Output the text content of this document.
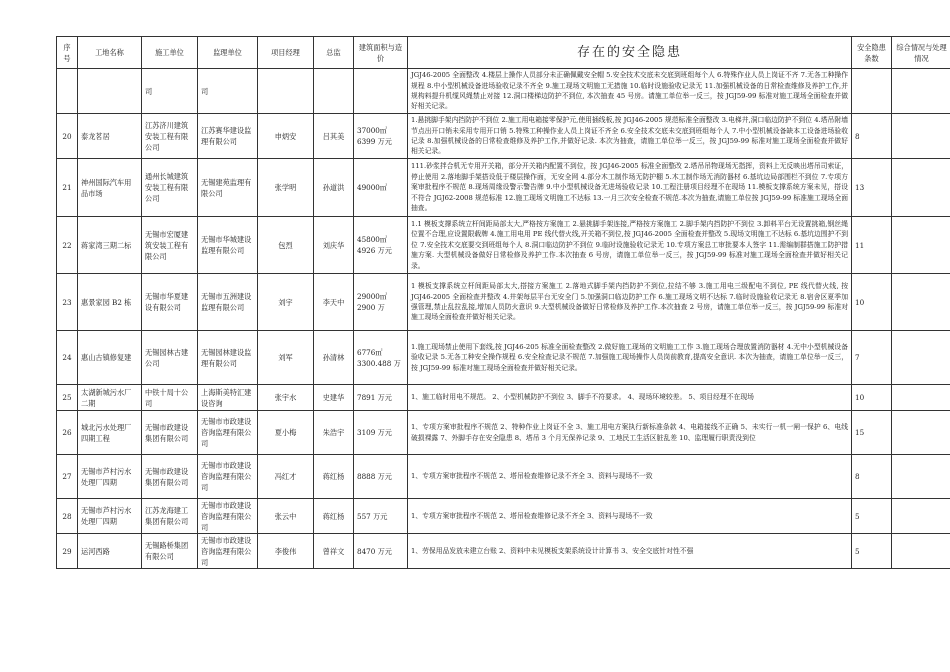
序号	工地名称	施工单位	监理单位	项目经理	总监	建筑面积与造价	存在的安全隐患	安全隐患条数	综合情况与处理情况
		司	司				JGJ46-2005 全面整改 4.楼层上操作人员部分未正确佩戴安全帽 5.安全技术交底未交底到班组每个人 6.特殊作业人员上岗证不齐 7.无各工种操作规程 8.中小型机械设备进场验收记录不齐全 9.施工现场文明施工无措施 10.临时设施验收记录无 11.加强机械设备的日常检查维修及养护工作,并规构料提升机缆风绳禁止对接 12.洞口楼梯边防护不到位, 本次抽查 45 号房。请施工单位举一反三，按 JGJ59-99 标准对施工现场全面检查并做好相关记录。		
20	泰龙茗居	江苏济川建筑安装工程有限公司	江苏赛华建设监理有限公司	申炳安	吕其美	37000㎡ 6399 万元	1.悬挑脚手架内挡防护不到位 2.施工用电箱接零保护元,使用插线板,按 JGJ46-2005 规范标准全面整改 3.电梯井,洞口临边防护不到位 4.塔吊附墙节点出开口销未采用专用开口销 5.特殊工种操作业人员上岗证不齐全 6.安全技术交底未交底到班组每个人 7.中小型机械设备缺本工设备进场验收记录 8.加强机械设备的日常检查维修及养护工作,并做好记录. 本次为抽查，请施工单位举一反三，按 JGJ59-99 标准对施工现场全面检查并做好相关记录。	8	
21	神州国际汽车用品市场	通州长城建筑安装工程有限公司	无锡建苑监理有限公司	张学明	孙道洪	49000㎡	111.砂浆拌合机无专用开关箱，部分开关箱内配置不到位，按 JGJ46-2005 标准全面整改 2.塔吊吊物现场无指挥，资料上无反映出塔吊司索证，停止使用 2.落地脚手架搭设低于楼层操作面，无安全网 4.部分木工制作场无防护棚 5.木工制作场无消防器材 6.基坑边局部围栏不到位 7.专项方案审批程序不规范 8.现场周缘设警示警告牌 9.中小型机械设备无进场验收记录 10.工程注册项目经理不在现场 11.模板支撑系统方案未见，搭设不符合 JGJ62-2008 规范标准 12.施工现场文明施工不达标 13.一月三次安全检查不规范.本次为抽查,请施工单位按 JGJ59-99 标准施工现场全面抽查。	13	
22	蒋家湾三期二标	无锡市宏厦建筑安装工程有限公司	无锡市华城建设监理有限公司	包烈	刘庆华	45800㎡ 4926 万元	1.1 模板支撑系统立杆间距局部太大,严格按方案施工 2.悬挑脚手架连接,严格按方案施工 2.脚手架内挡防护不到位 3.卸料平台无设置挑箱,钢丝绳位置不合理,应设置限载牌 4.施工用电用 PE 线代替火线,开关箱不到位,按 JGJ46-2005 全面检查并整改 5.现场文明施工不达标 6.基坑边围护不到位 7.安全技术交底要交到班组每个人 8.洞口临边防护不到位 9.临时设施验收记录无 10.专项方案总工审批要本人签字 11.需编制群搭施工防护措施方案. 大型机械设备做好日常检修及养护工作.本次抽查 6 号房，请施工单位举一反三，按 JGJ59-99 标准对施工现场全面检查并做好相关记录。	11	
23	惠景家园 B2 栋	无锡市华夏建设有限公司	无锡市五洲建设监理有限公司	刘宇	李天中	29000㎡ 2900 万	1 模板支撑系统立杆间距局部太大,搭接方案施工 2.落地式脚手架内挡防护不到位,拉结不够 3.施工用电三级配电不到位, PE 线代替火线, 按 JGJ46-2005 全面检查并整改 4.井架每层平台无安全门 5.加强洞口临边防护工作 6.施工现场文明不达标 7.临时设施验收记录无 8.宿舍区夏季加强管理,禁止乱拉乱接,增加人员防火意识 9.大型机械设备做好日常检修及养护工作.本次抽查 2 号房，请施工单位举一反三，按 JGJ59-99 标准对施工现场全面检查并做好相关记录。	10	
24	惠山古镇修复建	无锡园林古建公司	无锡园林建设监理有限公司	刘军	孙清林	6776㎡ 3300.488 万	1.施工现场禁止使用下套线,按 JGJ46-205 标准全面检查整改 2.做好施工现场的文明施工工作 3.施工现场合理放置消防器材 4.无中小型机械设备验收记录 5.无各工种安全操作规程 6.安全检查记录不规范 7.加强施工现场操作人员岗前教育,提高安全意识. 本次为抽查，请施工单位举一反三，按 JGJ59-99 标准对施工现场全面检查并做好相关记录。	7	
25	太湖新城污水厂二期	中铁十局十公司	上海斯美特汇建设咨询	张宇水	史建华	7891 万元	1、施工临时用电不规范。 2、小型机械防护不到位 3、脚手不符要求。 4、现场环境较差。 5、项目经理不在现场	10	
26	城北污水处理厂四期工程	无锡市政建设集团有限公司	无锡市市政建设咨询监理有限公司	夏小梅	朱浩宇	3109 万元	1、专项方案审批程序不规范 2、特种作业上岗证不全 3、施工用电方案执行新标准条款 4、电箱接线不正确 5、未实行一机一闸一保护 6、电线破损裸露 7、外脚手存在安全隐患 8、塔吊 3 个月无保养记录 9、工地民工生活区脏乱差 10、监理履行职责没到位	15	
27	无锡市芦村污水处理厂四期	无锡市政建设集团有限公司	无锡市市政建设咨询监理有限公司	冯红才	蒋红杨	8888 万元	1、专项方案审批程序不规范 2、塔吊检查维修记录不齐全 3、资料与现场不一致	8	
28	无锡市芦村污水处理厂四期	江苏龙海建工集团有限公司	无锡市市政建设咨询监理有限公司	张云中	蒋红杨	557 万元	1、专项方案审批程序不规范 2、塔吊检查维修记录不齐全 3、资料与现场不一致	5	
29	运河西路	无锡路桥集团有限公司	无锡市市政建设咨询监理有限公司	李俊伟	曾祥文	8470 万元	1、劳保用品发放未建立台账 2、资料中未见模板支架系统设计计算书 3、安全交底针对性不强	5	
